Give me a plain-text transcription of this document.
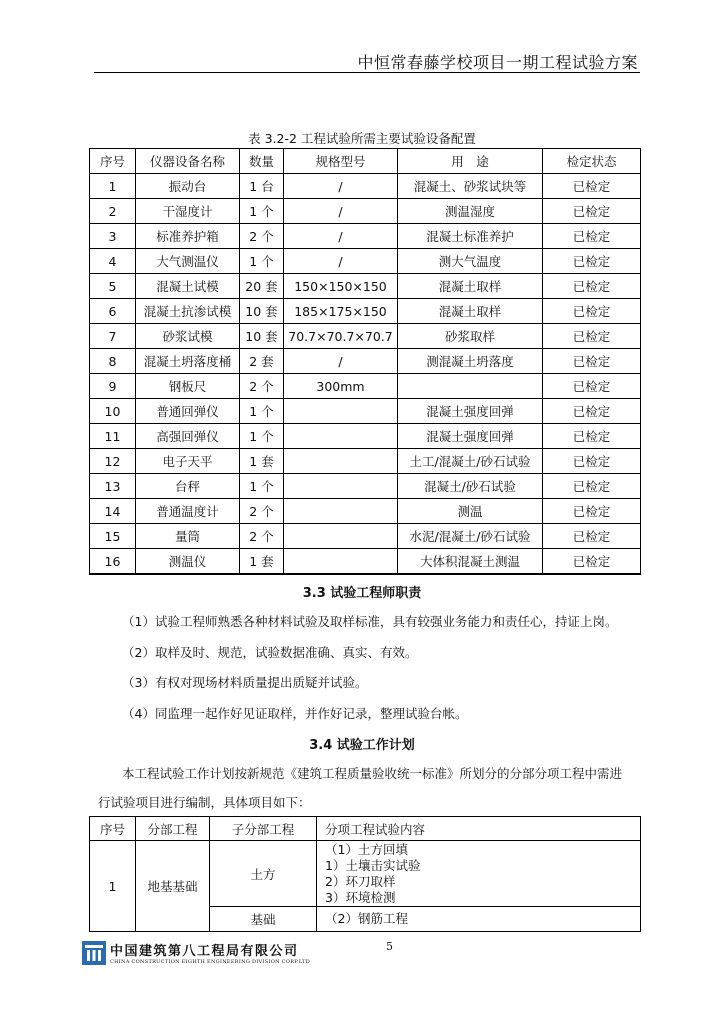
中恒常春藤学校项目一期工程试验方案
表 3.2-2 工程试验所需主要试验设备配置
序号	仪器设备名称	数量	规格型号	用　途	检定状态
1	振动台	1 台	/	混凝土、砂浆试块等	已检定
2	干湿度计	1 个	/	测温湿度	已检定
3	标准养护箱	2 个	/	混凝土标准养护	已检定
4	大气测温仪	1 个	/	测大气温度	已检定
5	混凝土试模	20 套	150×150×150	混凝土取样	已检定
6	混凝土抗渗试模	10 套	185×175×150	混凝土取样	已检定
7	砂浆试模	10 套	70.7×70.7×70.7	砂浆取样	已检定
8	混凝土坍落度桶	2 套	/	测混凝土坍落度	已检定
9	钢板尺	2 个	300mm		已检定
10	普通回弹仪	1 个		混凝土强度回弹	已检定
11	高强回弹仪	1 个		混凝土强度回弹	已检定
12	电子天平	1 套		土工/混凝土/砂石试验	已检定
13	台秤	1 个		混凝土/砂石试验	已检定
14	普通温度计	2 个		测温	已检定
15	量筒	2 个		水泥/混凝土/砂石试验	已检定
16	测温仪	1 套		大体积混凝土测温	已检定
3.3 试验工程师职责
（1）试验工程师熟悉各种材料试验及取样标准，具有较强业务能力和责任心，持证上岗。
（2）取样及时、规范，试验数据准确、真实、有效。
（3）有权对现场材料质量提出质疑并试验。
（4）同监理一起作好见证取样，并作好记录，整理试验台帐。
3.4 试验工作计划
本工程试验工作计划按新规范《建筑工程质量验收统一标准》所划分的分部分项工程中需进
行试验项目进行编制，具体项目如下：
序号	分部工程	子分部工程	分项工程试验内容
1	地基基础	土方	（1）土方回填
1）土壤击实试验
2）环刀取样
3）环境检测

		基础	（2）钢筋工程
中国建筑第八工程局有限公司
CHINA CONSTRUCTION EIGHTH ENGINEERING DIVISION CORP.LTD
5
